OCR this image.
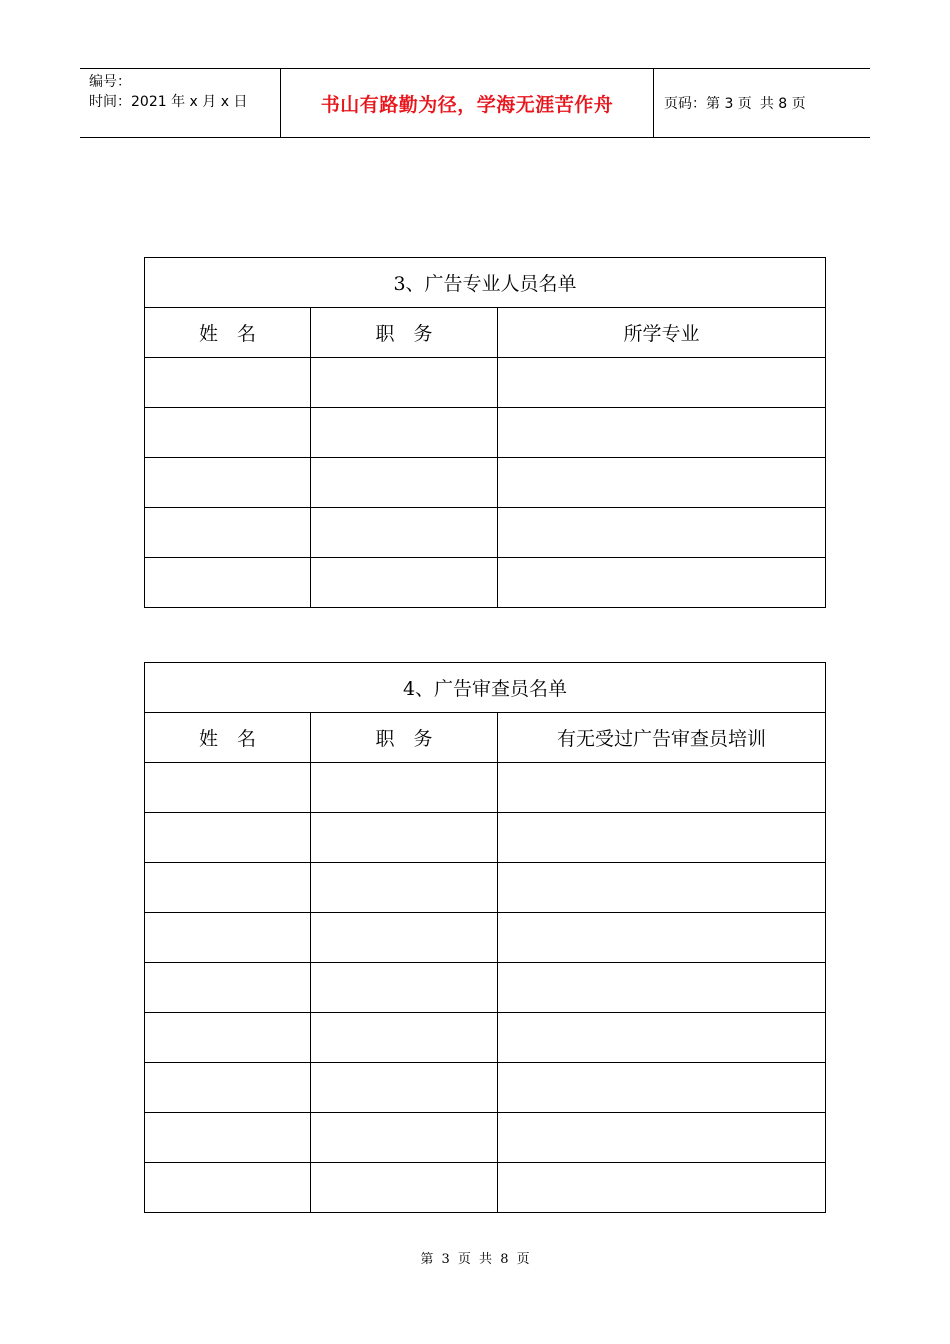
编号：
时间：2021 年 x 月 x 日	书山有路勤为径，学海无涯苦作舟	页码：第 3 页 共 8 页
3、广告专业人员名单		
姓　名	职　务	所学专业

4、广告审查员名单		
姓　名	职　务	有无受过广告审查员培训

第 3 页 共 8 页
